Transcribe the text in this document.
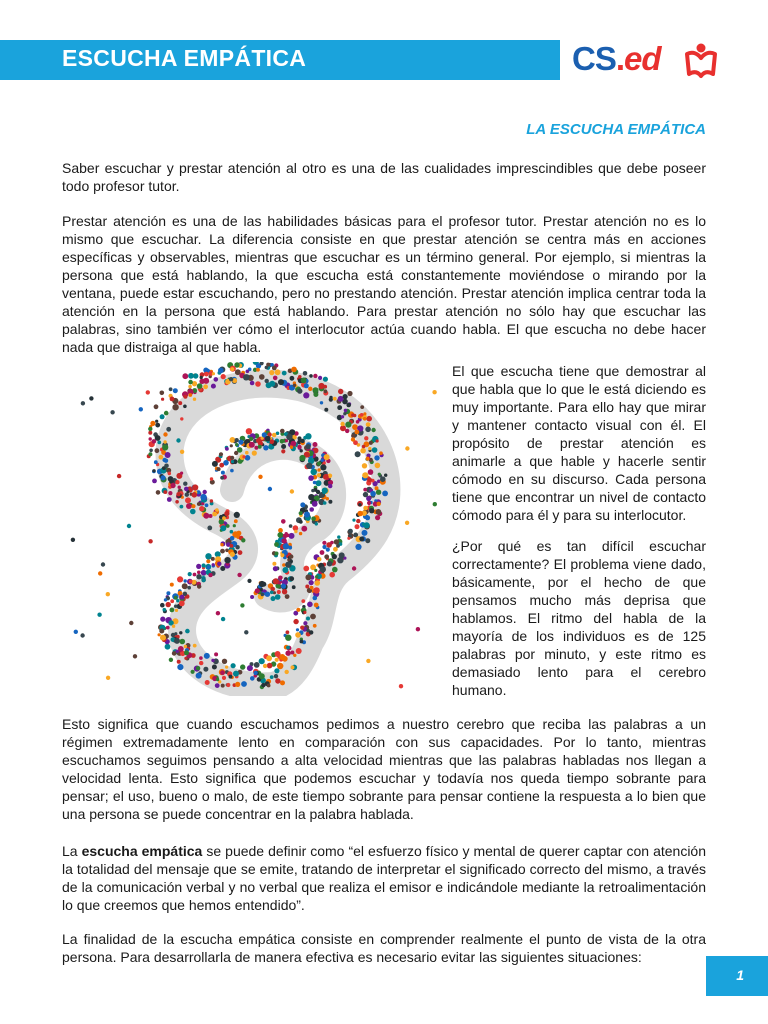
ESCUCHA EMPÁTICA	CS.ed
LA ESCUCHA EMPÁTICA

Saber escuchar y prestar atención al otro es una de las cualidades imprescindibles que debe poseer todo profesor tutor.

Prestar atención es una de las habilidades básicas para el profesor tutor. Prestar atención no es lo mismo que escuchar. La diferencia consiste en que prestar atención se centra más en acciones específicas y observables, mientras que escuchar es un término general. Por ejemplo, si mientras la persona que está hablando, la que escucha está constantemente moviéndose o mirando por la ventana, puede estar escuchando, pero no prestando atención. Prestar atención implica centrar toda la atención en la persona que está hablando. Para prestar atención no sólo hay que escuchar las palabras, sino también ver cómo el interlocutor actúa cuando habla. El que escucha no debe hacer nada que distraiga al que habla.

El que escucha tiene que demostrar al que habla que lo que le está diciendo es muy importante. Para ello hay que mirar y mantener contacto visual con él. El propósito de prestar atención es animarle a que hable y hacerle sentir cómodo en su discurso. Cada persona tiene que encontrar un nivel de contacto cómodo para él y para su interlocutor.

¿Por qué es tan difícil escuchar correctamente? El problema viene dado, básicamente, por el hecho de que pensamos mucho más deprisa que hablamos. El ritmo del habla de la mayoría de los individuos es de 125 palabras por minuto, y este ritmo es demasiado lento para el cerebro humano.

Esto significa que cuando escuchamos pedimos a nuestro cerebro que reciba las palabras a un régimen extremadamente lento en comparación con sus capacidades. Por lo tanto, mientras escuchamos seguimos pensando a alta velocidad mientras que las palabras habladas nos llegan a velocidad lenta. Esto significa que podemos escuchar y todavía nos queda tiempo sobrante para pensar; el uso, bueno o malo, de este tiempo sobrante para pensar contiene la respuesta a lo bien que una persona se puede concentrar en la palabra hablada.

La escucha empática se puede definir como “el esfuerzo físico y mental de querer captar con atención la totalidad del mensaje que se emite, tratando de interpretar el significado correcto del mismo, a través de la comunicación verbal y no verbal que realiza el emisor e indicándole mediante la retroalimentación lo que creemos que hemos entendido”.

La finalidad de la escucha empática consiste en comprender realmente el punto de vista de la otra persona. Para desarrollarla de manera efectiva es necesario evitar las siguientes situaciones:

1
